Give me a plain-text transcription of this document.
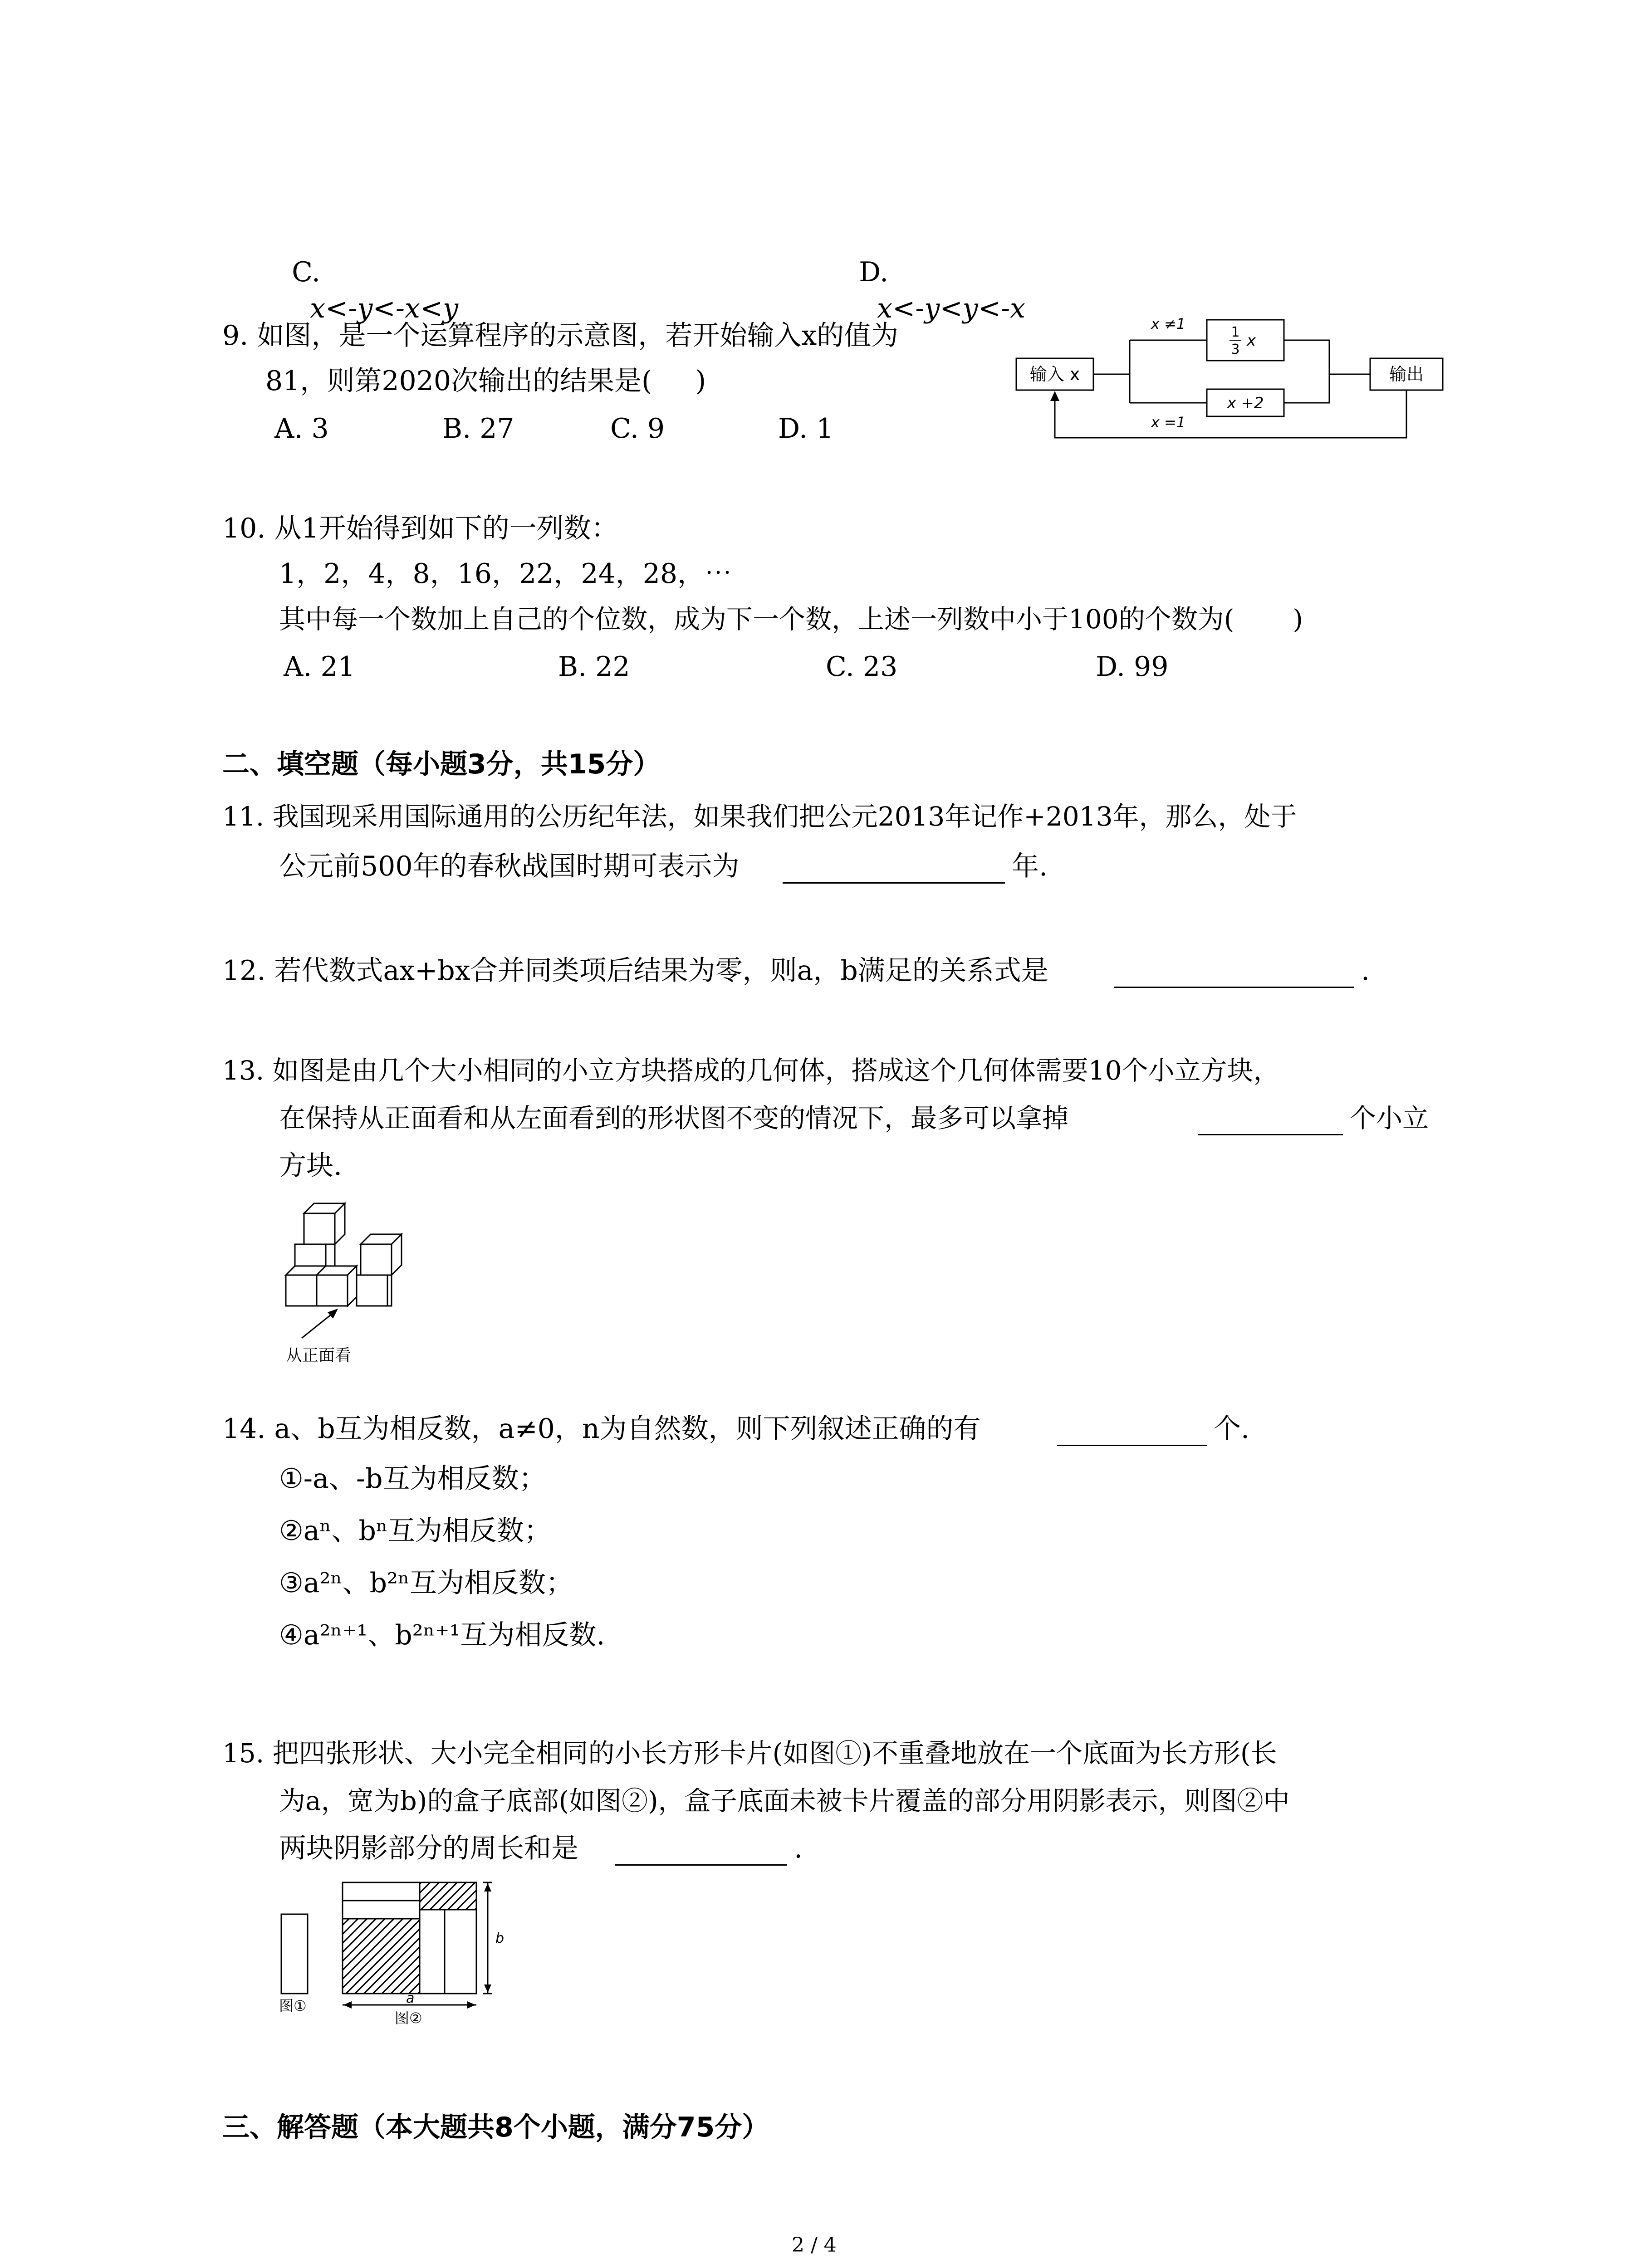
C.
x<-y<-x<y

D.
x<-y<y<-x

9. 如图，是一个运算程序的示意图，若开始输入x的值为
81，则第2020次输出的结果是(     )
A. 3	B. 27	C. 9	D. 1
输入 x	输出
x ≠1
x =1
1
3 x
x +2
10. 从1开始得到如下的一列数：
1，2，4，8，16，22，24，28，⋯
其中每一个数加上自己的个位数，成为下一个数，上述一列数中小于100的个数为(       )
A. 21	B. 22	C. 23	D. 99
二、填空题（每小题3分，共15分）
11. 我国现采用国际通用的公历纪年法，如果我们把公元2013年记作+2013年，那么，处于
公元前500年的春秋战国时期可表示为	年.
12. 若代数式ax+bx合并同类项后结果为零，则a，b满足的关系式是	.
13. 如图是由几个大小相同的小立方块搭成的几何体，搭成这个几何体需要10个小立方块，
在保持从正面看和从左面看到的形状图不变的情况下，最多可以拿掉	个小立
方块.
从正面看
14. a、b互为相反数，a≠0，n为自然数，则下列叙述正确的有	个.
①-a、-b互为相反数；
②aⁿ、bⁿ互为相反数；
③a²ⁿ、b²ⁿ互为相反数；
④a²ⁿ⁺¹、b²ⁿ⁺¹互为相反数.
15. 把四张形状、大小完全相同的小长方形卡片(如图①)不重叠地放在一个底面为长方形(长
为a，宽为b)的盒子底部(如图②)，盒子底面未被卡片覆盖的部分用阴影表示，则图②中
两块阴影部分的周长和是	.
b
a
图①
图②
三、解答题（本大题共8个小题，满分75分）
2 / 4
